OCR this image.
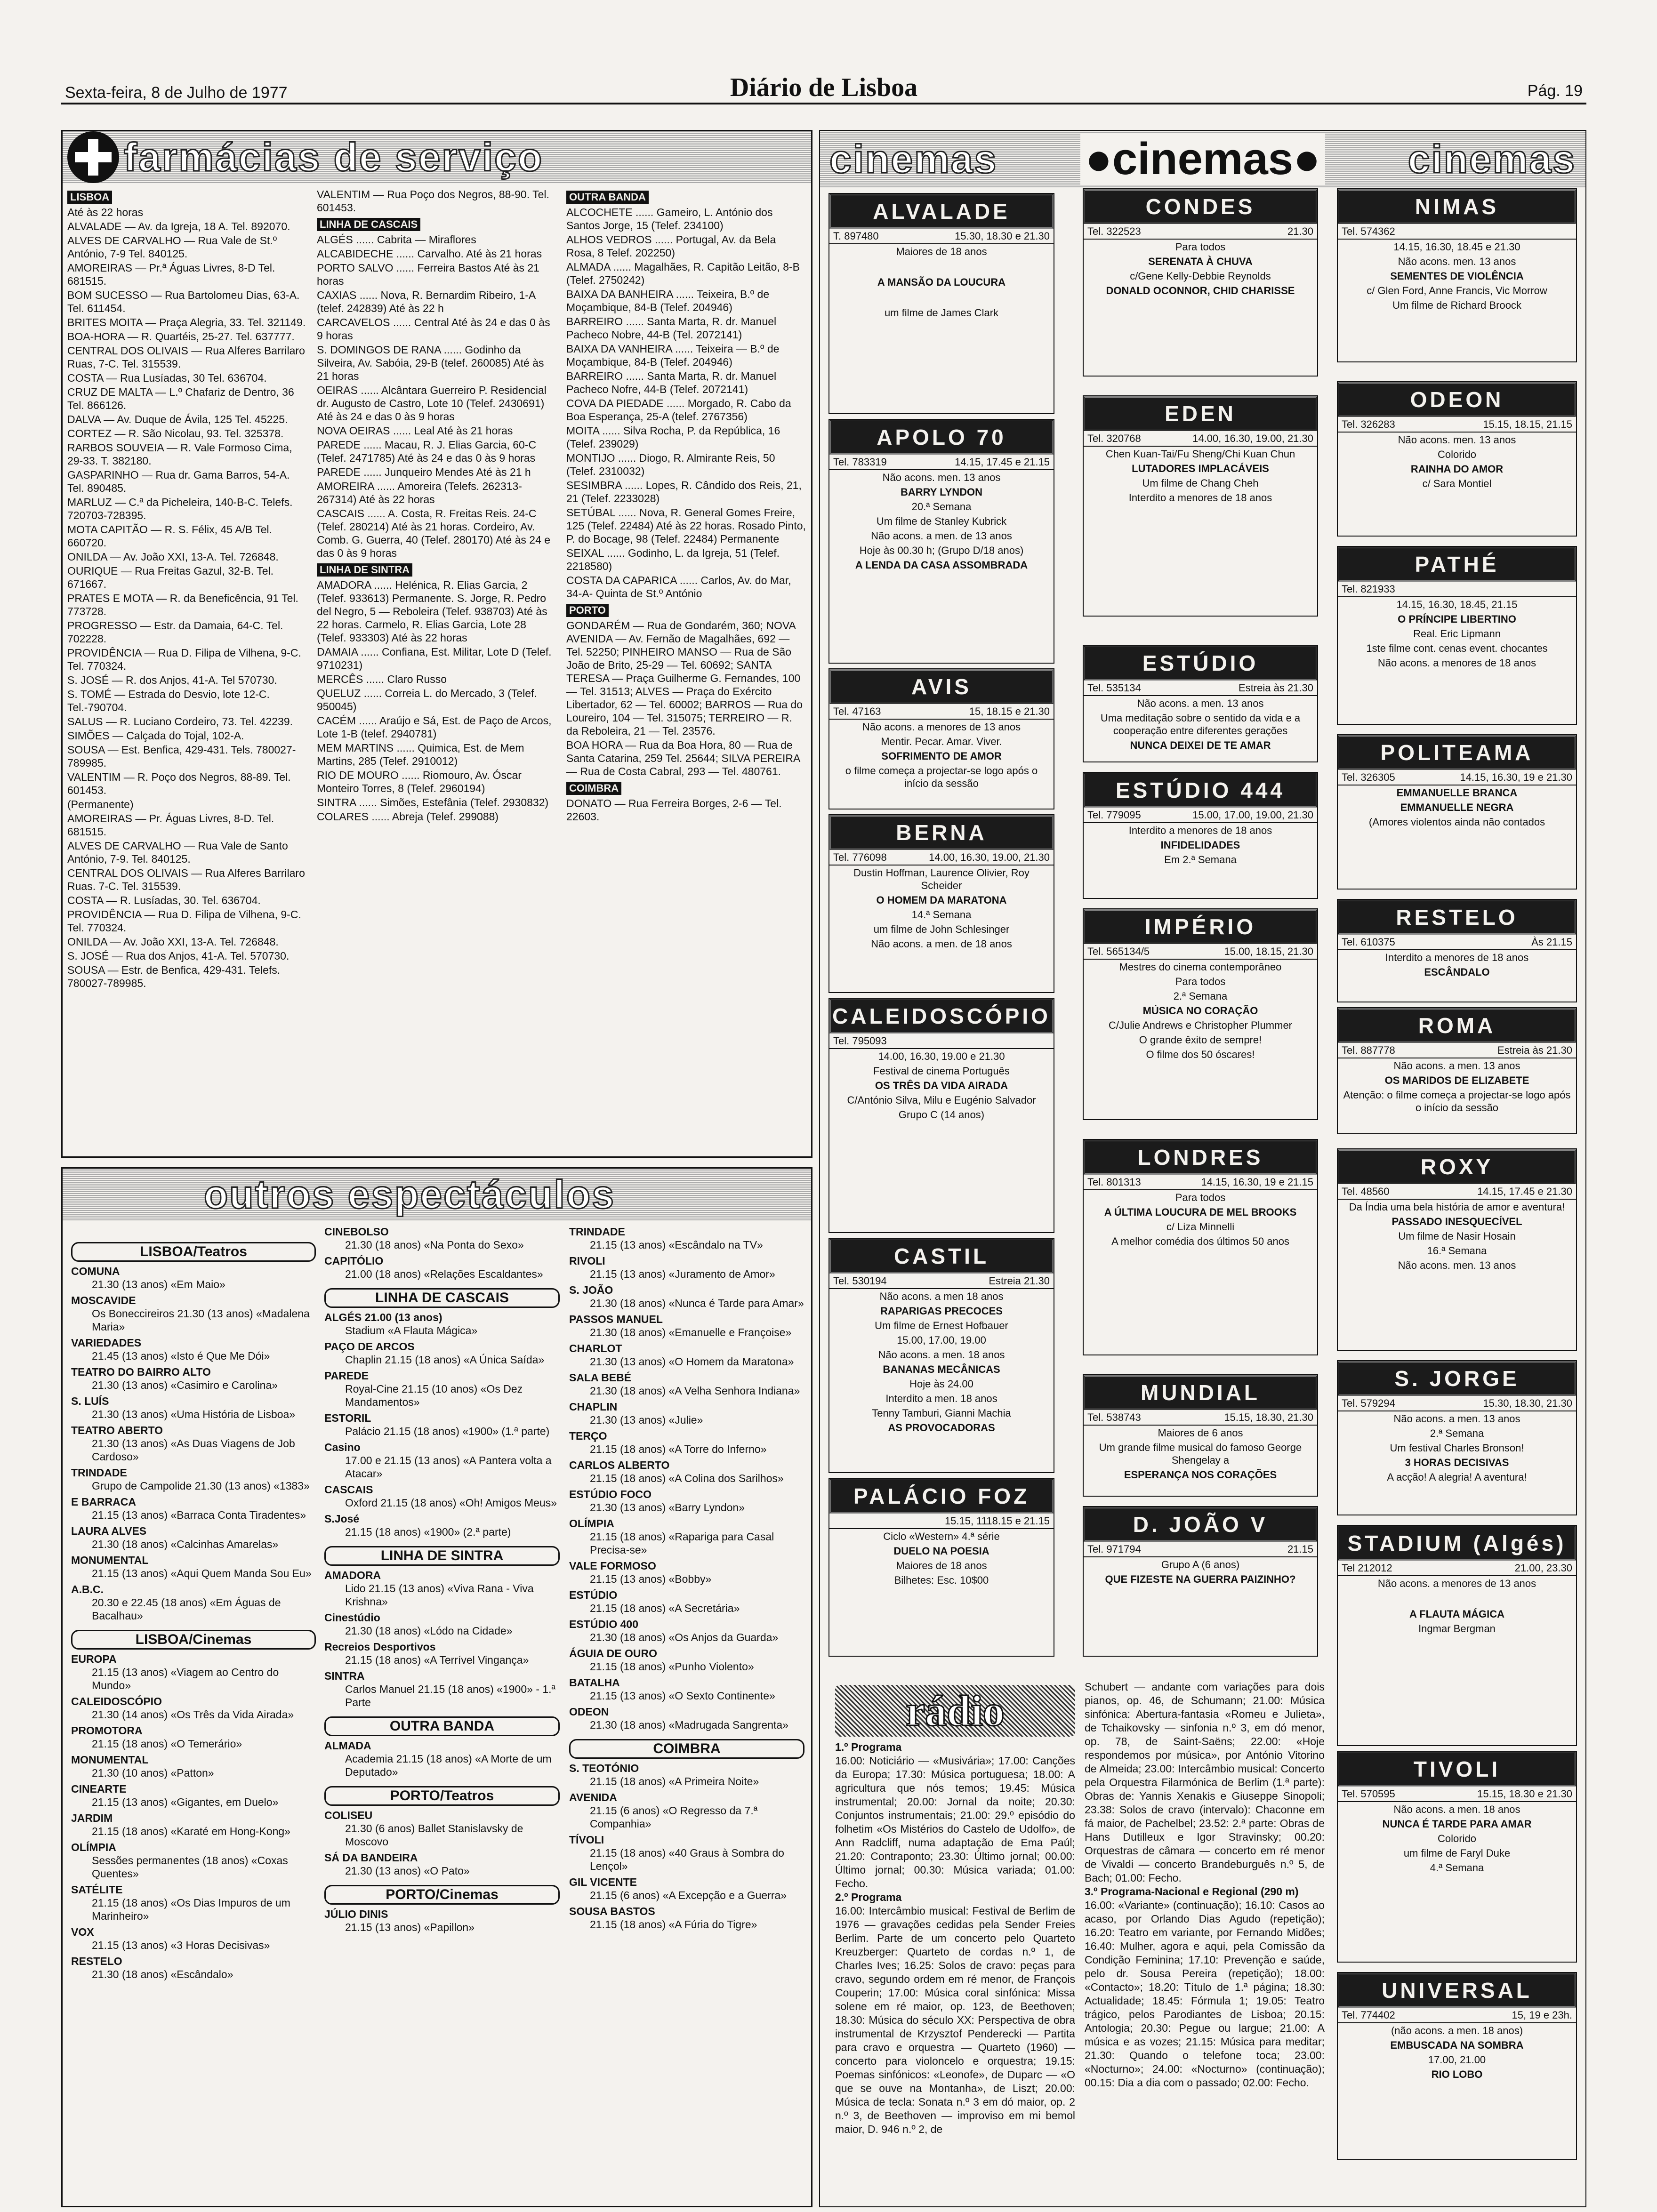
Sexta-feira, 8 de Julho de 1977	Diário de Lisboa	Pág. 19
farmácias de serviço
LISBOA
Até às 22 horas
ALVALADE — Av. da Igreja, 18 A. Tel. 892070.
ALVES DE CARVALHO — Rua Vale de St.º António, 7-9 Tel. 840125.
AMOREIRAS — Pr.ª Águas Livres, 8-D Tel. 681515.
BOM SUCESSO — Rua Bartolomeu Dias, 63-A. Tel. 611454.
BRITES MOITA — Praça Alegria, 33. Tel. 321149.
BOA-HORA — R. Quartéis, 25-27. Tel. 637777.
CENTRAL DOS OLIVAIS — Rua Alferes Barrilaro Ruas, 7-C. Tel. 315539.
COSTA — Rua Lusíadas, 30 Tel. 636704.
CRUZ DE MALTA — L.º Chafariz de Dentro, 36 Tel. 866126.
DALVA — Av. Duque de Ávila, 125 Tel. 45225.
CORTEZ — R. São Nicolau, 93. Tel. 325378.
RARBOS SOUVEIA — R. Vale Formoso Cima, 29-33. T. 382180.
GASPARINHO — Rua dr. Gama Barros, 54-A. Tel. 890485.
MARLUZ — C.ª da Picheleira, 140-B-C. Telefs. 720703-728395.
MOTA CAPITÃO — R. S. Félix, 45 A/B Tel. 660720.
ONILDA — Av. João XXI, 13-A. Tel. 726848.
OURIQUE — Rua Freitas Gazul, 32-B. Tel. 671667.
PRATES E MOTA — R. da Beneficência, 91 Tel. 773728.
PROGRESSO — Estr. da Damaia, 64-C. Tel. 702228.
PROVIDÊNCIA — Rua D. Filipa de Vilhena, 9-C. Tel. 770324.
S. JOSÉ — R. dos Anjos, 41-A. Tel 570730.
S. TOMÉ — Estrada do Desvio, lote 12-C. Tel.-790704.
SALUS — R. Luciano Cordeiro, 73. Tel. 42239.
SIMÕES — Calçada do Tojal, 102-A.
SOUSA — Est. Benfica, 429-431. Tels. 780027-789985.
VALENTIM — R. Poço dos Negros, 88-89. Tel. 601453.
(Permanente)
AMOREIRAS — Pr. Águas Livres, 8-D. Tel. 681515.
ALVES DE CARVALHO — Rua Vale de Santo António, 7-9. Tel. 840125.
CENTRAL DOS OLIVAIS — Rua Alferes Barrilaro Ruas. 7-C. Tel. 315539.
COSTA — R. Lusíadas, 30. Tel. 636704.
PROVIDÊNCIA — Rua D. Filipa de Vilhena, 9-C. Tel. 770324.
ONILDA — Av. João XXI, 13-A. Tel. 726848.
S. JOSÉ — Rua dos Anjos, 41-A. Tel. 570730.
SOUSA — Estr. de Benfica, 429-431. Telefs. 780027-789985.
VALENTIM — Rua Poço dos Negros, 88-90. Tel. 601453.
LINHA DE CASCAIS
ALGÉS ...... Cabrita — Miraflores
ALCABIDECHE ...... Carvalho. Até às 21 horas
PORTO SALVO ...... Ferreira Bastos Até às 21 horas
CAXIAS ...... Nova, R. Bernardim Ribeiro, 1-A (telef. 242839) Até às 22 h
CARCAVELOS ...... Central Até às 24 e das 0 às 9 horas
S. DOMINGOS DE RANA ...... Godinho da Silveira, Av. Sabóia, 29-B (telef. 260085) Até às 21 horas
OEIRAS ...... Alcântara Guerreiro P. Residencial dr. Augusto de Castro, Lote 10 (Telef. 2430691) Até às 24 e das 0 às 9 horas
NOVA OEIRAS ...... Leal Até às 21 horas
PAREDE ...... Macau, R. J. Elias Garcia, 60-C (Telef. 2471785) Até às 24 e das 0 às 9 horas
PAREDE ...... Junqueiro Mendes Até às 21 h
AMOREIRA ...... Amoreira (Telefs. 262313-267314) Até às 22 horas
CASCAIS ...... A. Costa, R. Freitas Reis. 24-C (Telef. 280214) Até às 21 horas. Cordeiro, Av. Comb. G. Guerra, 40 (Telef. 280170) Até às 24 e das 0 às 9 horas
LINHA DE SINTRA
AMADORA ...... Helénica, R. Elias Garcia, 2 (Telef. 933613) Permanente. S. Jorge, R. Pedro del Negro, 5 — Reboleira (Telef. 938703) Até às 22 horas. Carmelo, R. Elias Garcia, Lote 28 (Telef. 933303) Até às 22 horas
DAMAIA ...... Confiana, Est. Militar, Lote D (Telef. 9710231)
MERCÊS ...... Claro Russo
QUELUZ ...... Correia L. do Mercado, 3 (Telef. 950045)
CACÉM ...... Araújo e Sá, Est. de Paço de Arcos, Lote 1-B (telef. 2940781)
MEM MARTINS ...... Quimica, Est. de Mem Martins, 285 (Telef. 2910012)
RIO DE MOURO ...... Riomouro, Av. Óscar Monteiro Torres, 8 (Telef. 2960194)
SINTRA ...... Simões, Estefânia (Telef. 2930832)
COLARES ...... Abreja (Telef. 299088)
OUTRA BANDA
ALCOCHETE ...... Gameiro, L. António dos Santos Jorge, 15 (Telef. 234100)
ALHOS VEDROS ...... Portugal, Av. da Bela Rosa, 8 Telef. 202250)
ALMADA ...... Magalhães, R. Capitão Leitão, 8-B (Telef. 2750242)
BAIXA DA BANHEIRA ...... Teixeira, B.º de Moçambique, 84-B (Telef. 204946)
BARREIRO ...... Santa Marta, R. dr. Manuel Pacheco Nobre, 44-B (Tel. 2072141)
BAIXA DA VANHEIRA ...... Teixeira — B.º de Moçambique, 84-B (Telef. 204946)
BARREIRO ...... Santa Marta, R. dr. Manuel Pacheco Nofre, 44-B (Telef. 2072141)
COVA DA PIEDADE ...... Morgado, R. Cabo da Boa Esperança, 25-A (telef. 2767356)
MOITA ...... Silva Rocha, P. da República, 16 (Telef. 239029)
MONTIJO ...... Diogo, R. Almirante Reis, 50 (Telef. 2310032)
SESIMBRA ...... Lopes, R. Cândido dos Reis, 21, 21 (Telef. 2233028)
SETÚBAL ...... Nova, R. General Gomes Freire, 125 (Telef. 22484) Até às 22 horas. Rosado Pinto, P. do Bocage, 98 (Telef. 22484) Permanente
SEIXAL ...... Godinho, L. da Igreja, 51 (Telef. 2218580)
COSTA DA CAPARICA ...... Carlos, Av. do Mar, 34-A- Quinta de St.º António
PORTO
GONDARÉM — Rua de Gondarém, 360; NOVA AVENIDA — Av. Fernão de Magalhães, 692 — Tel. 52250; PINHEIRO MANSO — Rua de São João de Brito, 25-29 — Tel. 60692; SANTA TERESA — Praça Guilherme G. Fernandes, 100 — Tel. 31513; ALVES — Praça do Exército Libertador, 62 — Tel. 60002; BARROS — Rua do Loureiro, 104 — Tel. 315075; TERREIRO — R. da Reboleira, 21 — Tel. 23576.
BOA HORA — Rua da Boa Hora, 80 — Rua de Santa Catarina, 259 Tel. 25644; SILVA PEREIRA — Rua de Costa Cabral, 293 — Tel. 480761.
COIMBRA
DONATO — Rua Ferreira Borges, 2-6 — Tel. 22603.
outros espectáculos
LISBOA/Teatros
COMUNA
21.30 (13 anos) «Em Maio»
MOSCAVIDE
Os Boneccireiros 21.30 (13 anos) «Madalena Maria»
VARIEDADES
21.45 (13 anos) «Isto é Que Me Dói»
TEATRO DO BAIRRO ALTO
21.30 (13 anos) «Casimiro e Carolina»
S. LUÍS
21.30 (13 anos) «Uma História de Lisboa»
TEATRO ABERTO
21.30 (13 anos) «As Duas Viagens de Job Cardoso»
TRINDADE
Grupo de Campolide 21.30 (13 anos) «1383»
E BARRACA
21.15 (13 anos) «Barraca Conta Tiradentes»
LAURA ALVES
21.30 (18 anos) «Calcinhas Amarelas»
MONUMENTAL
21.15 (13 anos) «Aqui Quem Manda Sou Eu»
A.B.C.
20.30 e 22.45 (18 anos) «Em Águas de Bacalhau»
LISBOA/Cinemas
EUROPA
21.15 (13 anos) «Viagem ao Centro do Mundo»
CALEIDOSCÓPIO
21.30 (14 anos) «Os Três da Vida Airada»
PROMOTORA
21.15 (18 anos) «O Temerário»
MONUMENTAL
21.30 (10 anos) «Patton»
CINEARTE
21.15 (13 anos) «Gigantes, em Duelo»
JARDIM
21.15 (18 anos) «Karaté em Hong-Kong»
OLÍMPIA
Sessões permanentes (18 anos) «Coxas Quentes»
SATÉLITE
21.15 (18 anos) «Os Dias Impuros de um Marinheiro»
VOX
21.15 (13 anos) «3 Horas Decisivas»
RESTELO
21.30 (18 anos) «Escândalo»
CINEBOLSO
21.30 (18 anos) «Na Ponta do Sexo»
CAPITÓLIO
21.00 (18 anos) «Relações Escaldantes»
LINHA DE CASCAIS
ALGÉS 21.00 (13 anos)
Stadium «A Flauta Mágica»
PAÇO DE ARCOS
Chaplin 21.15 (18 anos) «A Única Saída»
PAREDE
Royal-Cine 21.15 (10 anos) «Os Dez Mandamentos»
ESTORIL
Palácio 21.15 (18 anos) «1900» (1.ª parte)
Casino
17.00 e 21.15 (13 anos) «A Pantera volta a Atacar»
CASCAIS
Oxford 21.15 (18 anos) «Oh! Amigos Meus»
S.José
21.15 (18 anos) «1900» (2.ª parte)
LINHA DE SINTRA
AMADORA
Lido 21.15 (13 anos) «Viva Rana - Viva Krishna»
Cinestúdio
21.30 (18 anos) «Lódo na Cidade»
Recreios Desportivos
21.15 (18 anos) «A Terrível Vingança»
SINTRA
Carlos Manuel 21.15 (18 anos) «1900» - 1.ª Parte
OUTRA BANDA
ALMADA
Academia 21.15 (18 anos) «A Morte de um Deputado»
PORTO/Teatros
COLISEU
21.30 (6 anos) Ballet Stanislavsky de Moscovo
SÁ DA BANDEIRA
21.30 (13 anos) «O Pato»
PORTO/Cinemas
JÚLIO DINIS
21.15 (13 anos) «Papillon»
TRINDADE
21.15 (13 anos) «Escândalo na TV»
RIVOLI
21.15 (13 anos) «Juramento de Amor»
S. JOÃO
21.30 (18 anos) «Nunca é Tarde para Amar»
PASSOS MANUEL
21.30 (18 anos) «Emanuelle e Françoise»
CHARLOT
21.30 (13 anos) «O Homem da Maratona»
SALA BEBÉ
21.30 (18 anos) «A Velha Senhora Indiana»
CHAPLIN
21.30 (13 anos) «Julie»
TERÇO
21.15 (18 anos) «A Torre do Inferno»
CARLOS ALBERTO
21.15 (18 anos) «A Colina dos Sarilhos»
ESTÚDIO FOCO
21.30 (13 anos) «Barry Lyndon»
OLÍMPIA
21.15 (18 anos) «Rapariga para Casal Precisa-se»
VALE FORMOSO
21.15 (13 anos) «Bobby»
ESTÚDIO
21.15 (18 anos) «A Secretária»
ESTÚDIO 400
21.30 (18 anos) «Os Anjos da Guarda»
ÁGUIA DE OURO
21.15 (18 anos) «Punho Violento»
BATALHA
21.15 (13 anos) «O Sexto Continente»
ODEON
21.30 (18 anos) «Madrugada Sangrenta»
COIMBRA
S. TEOTÓNIO
21.15 (18 anos) «A Primeira Noite»
AVENIDA
21.15 (6 anos) «O Regresso da 7.ª Companhia»
TÍVOLI
21.15 (18 anos) «40 Graus à Sombra do Lençol»
GIL VICENTE
21.15 (6 anos) «A Excepção e a Guerra»
SOUSA BASTOS
21.15 (18 anos) «A Fúria do Tigre»
cinemas ●cinemas● cinemas
ALVALADE
T. 897480	15.30, 18.30 e 21.30
Maiores de 18 anos
A MANSÃO DA LOUCURA
um filme de James Clark
APOLO 70
Tel. 783319	14.15, 17.45 e 21.15
Não acons. men. 13 anos
BARRY LYNDON
20.ª Semana
Um filme de Stanley Kubrick
Não acons. a men. de 13 anos
Hoje às 00.30 h; (Grupo D/18 anos)
A LENDA DA CASA ASSOMBRADA
AVIS
Tel. 47163	15, 18.15 e 21.30
Não acons. a menores de 13 anos
Mentir. Pecar. Amar. Viver.
SOFRIMENTO DE AMOR
o filme começa a projectar-se logo após o início da sessão
BERNA
Tel. 776098	14.00, 16.30, 19.00, 21.30
Dustin Hoffman, Laurence Olivier, Roy Scheider
O HOMEM DA MARATONA
14.ª Semana
um filme de John Schlesinger
Não acons. a men. de 18 anos
CALEIDOSCÓPIO
Tel. 795093
14.00, 16.30, 19.00 e 21.30
Festival de cinema Português
OS TRÊS DA VIDA AIRADA
C/António Silva, Milu e Eugénio Salvador
Grupo C (14 anos)
CASTIL
Tel. 530194	Estreia 21.30
Não acons. a men 18 anos
RAPARIGAS PRECOCES
Um filme de Ernest Hofbauer
15.00, 17.00, 19.00
Não acons. a men. 18 anos
BANANAS MECÂNICAS
Hoje às 24.00
Interdito a men. 18 anos
Tenny Tamburi, Gianni Machia
AS PROVOCADORAS
PALÁCIO FOZ
15.15, 1118.15 e 21.15
Ciclo «Western» 4.ª série
DUELO NA POESIA
Maiores de 18 anos
Bilhetes: Esc. 10$00
CONDES
Tel. 322523	21.30
Para todos
SERENATA À CHUVA
c/Gene Kelly-Debbie Reynolds
DONALD OCONNOR, CHID CHARISSE
EDEN
Tel. 320768	14.00, 16.30, 19.00, 21.30
Chen Kuan-Tai/Fu Sheng/Chi Kuan Chun
LUTADORES IMPLACÁVEIS
Um filme de Chang Cheh
Interdito a menores de 18 anos
ESTÚDIO
Tel. 535134	Estreia às 21.30
Não acons. a men. 13 anos
Uma meditação sobre o sentido da vida e a cooperação entre diferentes gerações
NUNCA DEIXEI DE TE AMAR
ESTÚDIO 444
Tel. 779095	15.00, 17.00, 19.00, 21.30
Interdito a menores de 18 anos
INFIDELIDADES
Em 2.ª Semana
IMPÉRIO
Tel. 565134/5	15.00, 18.15, 21.30
Mestres do cinema contemporâneo
Para todos
2.ª Semana
MÚSICA NO CORAÇÃO
C/Julie Andrews e Christopher Plummer
O grande êxito de sempre!
O filme dos 50 óscares!
LONDRES
Tel. 801313	14.15, 16.30, 19 e 21.15
Para todos
A ÚLTIMA LOUCURA DE MEL BROOKS
c/ Liza Minnelli
A melhor comédia dos últimos 50 anos
MUNDIAL
Tel. 538743	15.15, 18.30, 21.30
Maiores de 6 anos
Um grande filme musical do famoso George Shengelay a
ESPERANÇA NOS CORAÇÕES
D. JOÃO V
Tel. 971794	21.15
Grupo A (6 anos)
QUE FIZESTE NA GUERRA PAIZINHO?
NIMAS
Tel. 574362
14.15, 16.30, 18.45 e 21.30
Não acons. men. 13 anos
SEMENTES DE VIOLÊNCIA
c/ Glen Ford, Anne Francis, Vic Morrow
Um filme de Richard Broock
ODEON
Tel. 326283	15.15, 18.15, 21.15
Não acons. men. 13 anos
Colorido
RAINHA DO AMOR
c/ Sara Montiel
PATHÉ
Tel. 821933
14.15, 16.30, 18.45, 21.15
O PRÍNCIPE LIBERTINO
Real. Eric Lipmann
1ste filme cont. cenas event. chocantes
Não acons. a menores de 18 anos
POLITEAMA
Tel. 326305	14.15, 16.30, 19 e 21.30
EMMANUELLE BRANCA
EMMANUELLE NEGRA
(Amores violentos ainda não contados
RESTELO
Tel. 610375	Às 21.15
Interdito a menores de 18 anos
ESCÂNDALO
ROMA
Tel. 887778	Estreia às 21.30
Não acons. a men. 13 anos
OS MARIDOS DE ELIZABETE
Atenção: o filme começa a projectar-se logo após o início da sessão
ROXY
Tel. 48560	14.15, 17.45 e 21.30
Da Índia uma bela história de amor e aventura!
PASSADO INESQUECÍVEL
Um filme de Nasir Hosain
16.ª Semana
Não acons. men. 13 anos
S. JORGE
Tel. 579294	15.30, 18.30, 21.30
Não acons. a men. 13 anos
2.ª Semana
Um festival Charles Bronson!
3 HORAS DECISIVAS
A acção! A alegria! A aventura!
STADIUM (Algés)
Tel 212012	21.00, 23.30
Não acons. a menores de 13 anos
A FLAUTA MÁGICA
Ingmar Bergman
TIVOLI
Tel. 570595	15.15, 18.30 e 21.30
Não acons. a men. 18 anos
NUNCA É TARDE PARA AMAR
Colorido
um filme de Faryl Duke
4.ª Semana
UNIVERSAL
Tel. 774402	15, 19 e 23h.
(não acons. a men. 18 anos)
EMBUSCADA NA SOMBRA
17.00, 21.00
RIO LOBO
rádio
1.º Programa
16.00: Noticiário — «Musivária»; 17.00: Canções da Europa; 17.30: Música portuguesa; 18.00: A agricultura que nós temos; 19.45: Música instrumental; 20.00: Jornal da noite; 20.30: Conjuntos instrumentais; 21.00: 29.º episódio do folhetim «Os Mistérios do Castelo de Udolfo», de Ann Radcliff, numa adaptação de Ema Paúl; 21.20: Contraponto; 23.30: Último jornal; 00.00: Último jornal; 00.30: Música variada; 01.00: Fecho.
2.º Programa
16.00: Intercâmbio musical: Festival de Berlim de 1976 — gravações cedidas pela Sender Freies Berlim. Parte de um concerto pelo Quarteto Kreuzberger: Quarteto de cordas n.º 1, de Charles Ives; 16.25: Solos de cravo: peças para cravo, segundo ordem em ré menor, de François Couperin; 17.00: Música coral sinfónica: Missa solene em ré maior, op. 123, de Beethoven; 18.30: Música do século XX: Perspectiva de obra instrumental de Krzysztof Penderecki — Partita para cravo e orquestra — Quarteto (1960) — concerto para violoncelo e orquestra; 19.15: Poemas sinfónicos: «Leonofe», de Duparc — «O que se ouve na Montanha», de Liszt; 20.00: Música de tecla: Sonata n.º 3 em dó maior, op. 2 n.º 3, de Beethoven — improviso em mi bemol maior, D. 946 n.º 2, de
Schubert — andante com variações para dois pianos, op. 46, de Schumann; 21.00: Música sinfónica: Abertura-fantasia «Romeu e Julieta», de Tchaikovsky — sinfonia n.º 3, em dó menor, op. 78, de Saint-Saëns; 22.00: «Hoje respondemos por música», por António Vitorino de Almeida; 23.00: Intercâmbio musical: Concerto pela Orquestra Filarmónica de Berlim (1.ª parte): Obras de: Yannis Xenakis e Giuseppe Sinopoli; 23.38: Solos de cravo (intervalo): Chaconne em fá maior, de Pachelbel; 23.52: 2.ª parte: Obras de Hans Dutilleux e Igor Stravinsky; 00.20: Orquestras de câmara — concerto em ré menor de Vivaldi — concerto Brandeburguês n.º 5, de Bach; 01.00: Fecho.
3.º Programa-Nacional e Regional (290 m)
16.00: «Variante» (continuação); 16.10: Casos ao acaso, por Orlando Dias Agudo (repetição); 16.20: Teatro em variante, por Fernando Midões; 16.40: Mulher, agora e aqui, pela Comissão da Condição Feminina; 17.10: Prevenção e saúde, pelo dr. Sousa Pereira (repetição); 18.00: «Contacto»; 18.20: Título de 1.ª página; 18.30: Actualidade; 18.45: Fórmula 1; 19.05: Teatro trágico, pelos Parodiantes de Lisboa; 20.15: Antologia; 20.30: Pegue ou largue; 21.00: A música e as vozes; 21.15: Música para meditar; 21.30: Quando o telefone toca; 23.00: «Nocturno»; 24.00: «Nocturno» (continuação); 00.15: Dia a dia com o passado; 02.00: Fecho.
